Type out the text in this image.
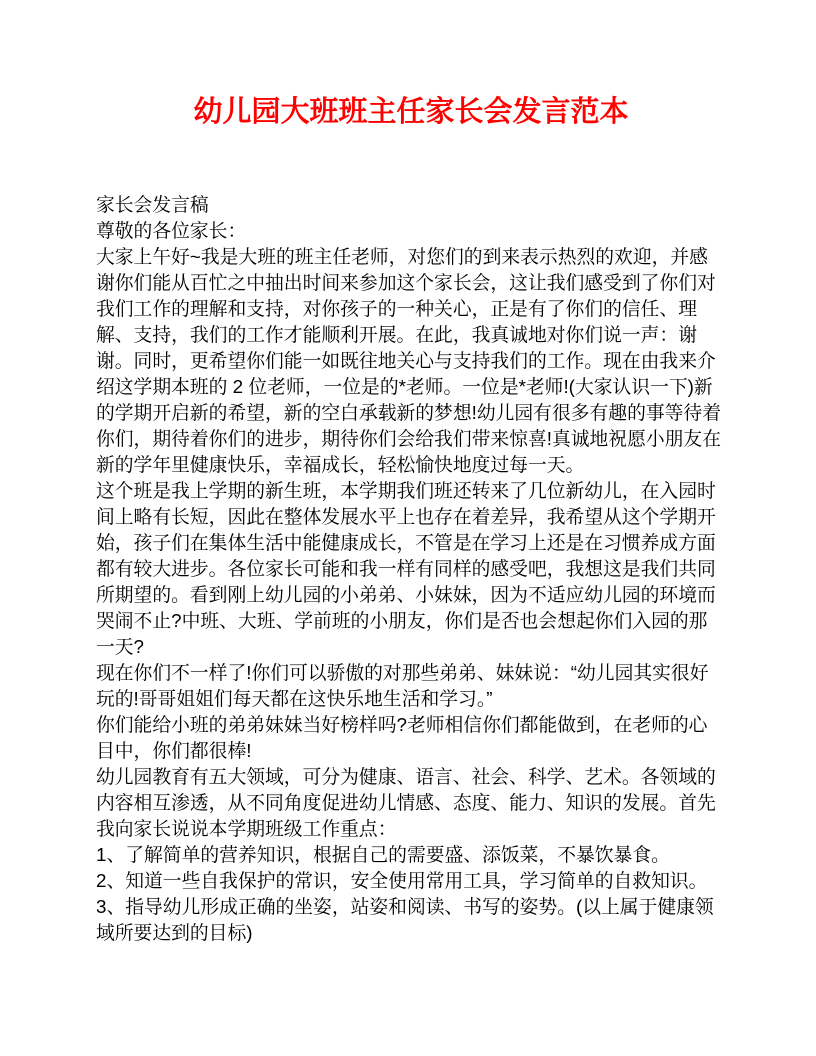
幼儿园大班班主任家长会发言范本

家长会发言稿

尊敬的各位家长：

大家上午好~我是大班的班主任老师，对您们的到来表示热烈的欢迎，并感谢你们能从百忙之中抽出时间来参加这个家长会，这让我们感受到了你们对我们工作的理解和支持，对你孩子的一种关心，正是有了你们的信任、理解、支持，我们的工作才能顺利开展。在此，我真诚地对你们说一声：谢谢。同时，更希望你们能一如既往地关心与支持我们的工作。现在由我来介绍这学期本班的 2 位老师，一位是的*老师。一位是*老师!(大家认识一下)新的学期开启新的希望，新的空白承载新的梦想!幼儿园有很多有趣的事等待着你们，期待着你们的进步，期待你们会给我们带来惊喜!真诚地祝愿小朋友在新的学年里健康快乐，幸福成长，轻松愉快地度过每一天。

这个班是我上学期的新生班，本学期我们班还转来了几位新幼儿，在入园时间上略有长短，因此在整体发展水平上也存在着差异，我希望从这个学期开始，孩子们在集体生活中能健康成长，不管是在学习上还是在习惯养成方面都有较大进步。各位家长可能和我一样有同样的感受吧，我想这是我们共同所期望的。看到刚上幼儿园的小弟弟、小妹妹，因为不适应幼儿园的环境而哭闹不止?中班、大班、学前班的小朋友，你们是否也会想起你们入园的那一天?

现在你们不一样了!你们可以骄傲的对那些弟弟、妹妹说：“幼儿园其实很好玩的!哥哥姐姐们每天都在这快乐地生活和学习。”

你们能给小班的弟弟妹妹当好榜样吗?老师相信你们都能做到，在老师的心目中，你们都很棒!

幼儿园教育有五大领域，可分为健康、语言、社会、科学、艺术。各领域的内容相互渗透，从不同角度促进幼儿情感、态度、能力、知识的发展。首先我向家长说说本学期班级工作重点：

1、了解简单的营养知识，根据自己的需要盛、添饭菜，不暴饮暴食。

2、知道一些自我保护的常识，安全使用常用工具，学习简单的自救知识。

3、指导幼儿形成正确的坐姿，站姿和阅读、书写的姿势。(以上属于健康领域所要达到的目标)
